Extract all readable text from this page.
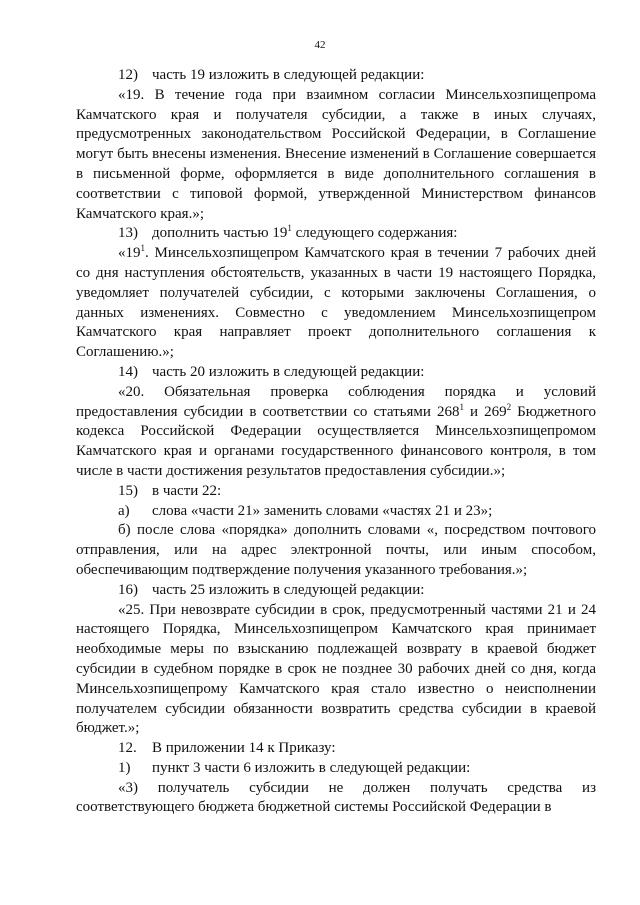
42

12) часть 19 изложить в следующей редакции:

«19. В течение года при взаимном согласии Минсельхозпищепрома Камчатского края и получателя субсидии, а также в иных случаях, предусмотренных законодательством Российской Федерации, в Соглашение могут быть внесены изменения. Внесение изменений в Соглашение совершается в письменной форме, оформляется в виде дополнительного соглашения в соответствии с типовой формой, утвержденной Министерством финансов Камчатского края.»;

13) дополнить частью $19^1$ следующего содержания:

«$19^1$. Минсельхозпищепром Камчатского края в течении 7 рабочих дней со дня наступления обстоятельств, указанных в части 19 настоящего Порядка, уведомляет получателей субсидии, с которыми заключены Соглашения, о данных изменениях. Совместно с уведомлением Минсельхозпищепром Камчатского края направляет проект дополнительного соглашения к Соглашению.»;

14) часть 20 изложить в следующей редакции:

«20. Обязательная проверка соблюдения порядка и условий предоставления субсидии в соответствии со статьями $268^1$ и $269^2$ Бюджетного кодекса Российской Федерации осуществляется Минсельхозпищепромом Камчатского края и органами государственного финансового контроля, в том числе в части достижения результатов предоставления субсидии.»;

15) в части 22:

а) слова «части 21» заменить словами «частях 21 и 23»;

б) после слова «порядка» дополнить словами «, посредством почтового отправления, или на адрес электронной почты, или иным способом, обеспечивающим подтверждение получения указанного требования.»;

16) часть 25 изложить в следующей редакции:

«25. При невозврате субсидии в срок, предусмотренный частями 21 и 24 настоящего Порядка, Минсельхозпищепром Камчатского края принимает необходимые меры по взысканию подлежащей возврату в краевой бюджет субсидии в судебном порядке в срок не позднее 30 рабочих дней со дня, когда Минсельхозпищепрому Камчатского края стало известно о неисполнении получателем субсидии обязанности возвратить средства субсидии в краевой бюджет.»;

12. В приложении 14 к Приказу:

1) пункт 3 части 6 изложить в следующей редакции:

«3) получатель субсидии не должен получать средства из соответствующего бюджета бюджетной системы Российской Федерации в
